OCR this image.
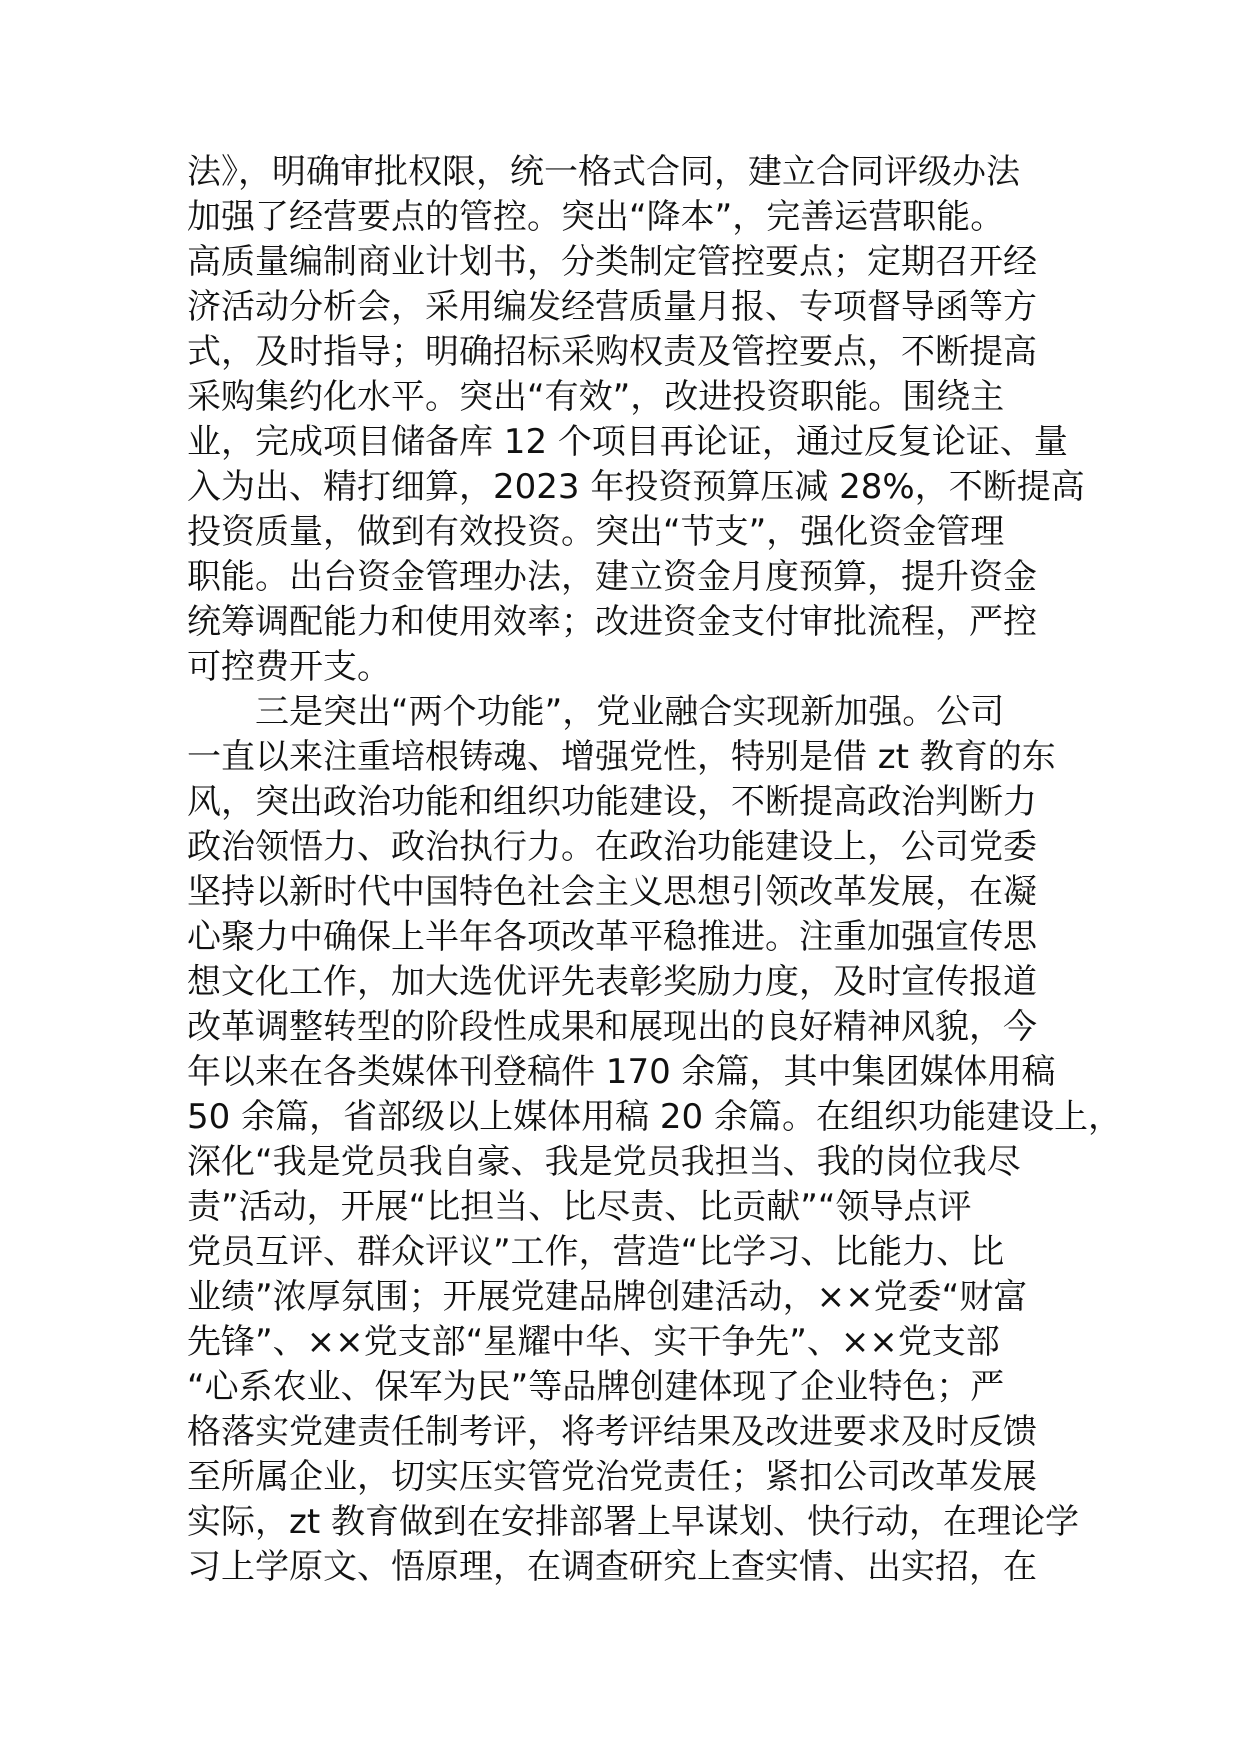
法》，明确审批权限，统一格式合同，建立合同评级办法
加强了经营要点的管控。突出“降本”，完善运营职能。
高质量编制商业计划书，分类制定管控要点；定期召开经
济活动分析会，采用编发经营质量月报、专项督导函等方
式，及时指导；明确招标采购权责及管控要点，不断提高
采购集约化水平。突出“有效”，改进投资职能。围绕主
业，完成项目储备库 12 个项目再论证，通过反复论证、量
入为出、精打细算，2023 年投资预算压减 28%，不断提高
投资质量，做到有效投资。突出“节支”，强化资金管理
职能。出台资金管理办法，建立资金月度预算，提升资金
统筹调配能力和使用效率；改进资金支付审批流程，严控
可控费开支。
三是突出“两个功能”，党业融合实现新加强。公司
一直以来注重培根铸魂、增强党性，特别是借 zt 教育的东
风，突出政治功能和组织功能建设，不断提高政治判断力
政治领悟力、政治执行力。在政治功能建设上，公司党委
坚持以新时代中国特色社会主义思想引领改革发展，在凝
心聚力中确保上半年各项改革平稳推进。注重加强宣传思
想文化工作，加大选优评先表彰奖励力度，及时宣传报道
改革调整转型的阶段性成果和展现出的良好精神风貌，今
年以来在各类媒体刊登稿件 170 余篇，其中集团媒体用稿
50 余篇，省部级以上媒体用稿 20 余篇。在组织功能建设上，
深化“我是党员我自豪、我是党员我担当、我的岗位我尽
责”活动，开展“比担当、比尽责、比贡献”“领导点评
党员互评、群众评议”工作，营造“比学习、比能力、比
业绩”浓厚氛围；开展党建品牌创建活动，××党委“财富
先锋”、××党支部“星耀中华、实干争先”、××党支部
“心系农业、保军为民”等品牌创建体现了企业特色；严
格落实党建责任制考评，将考评结果及改进要求及时反馈
至所属企业，切实压实管党治党责任；紧扣公司改革发展
实际，zt 教育做到在安排部署上早谋划、快行动，在理论学
习上学原文、悟原理，在调查研究上查实情、出实招，在
